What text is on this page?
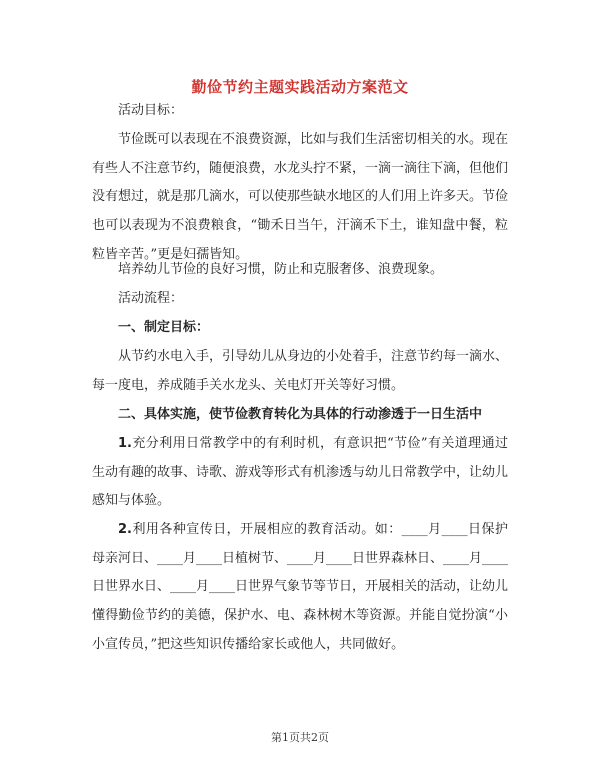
勤俭节约主题实践活动方案范文

活动目标：

节俭既可以表现在不浪费资源，比如与我们生活密切相关的水。现在有些人不注意节约，随便浪费，水龙头拧不紧，一滴一滴往下滴，但他们没有想过，就是那几滴水，可以使那些缺水地区的人们用上许多天。节俭也可以表现为不浪费粮食，“锄禾日当午，汗滴禾下土，谁知盘中餐，粒粒皆辛苦。”更是妇孺皆知。

培养幼儿节俭的良好习惯，防止和克服奢侈、浪费现象。

活动流程：

一、制定目标：

从节约水电入手，引导幼儿从身边的小处着手，注意节约每一滴水、每一度电，养成随手关水龙头、关电灯开关等好习惯。

二、具体实施，使节俭教育转化为具体的行动渗透于一日生活中

1.充分利用日常教学中的有利时机，有意识把“节俭”有关道理通过生动有趣的故事、诗歌、游戏等形式有机渗透与幼儿日常教学中，让幼儿感知与体验。

2.利用各种宣传日，开展相应的教育活动。如：____月____日保护母亲河日、____月____日植树节、____月____日世界森林日、____月____日世界水日、____月____日世界气象节等节日，开展相关的活动，让幼儿懂得勤俭节约的美德，保护水、电、森林树木等资源。并能自觉扮演“小小宣传员，”把这些知识传播给家长或他人，共同做好。

第1页共2页
